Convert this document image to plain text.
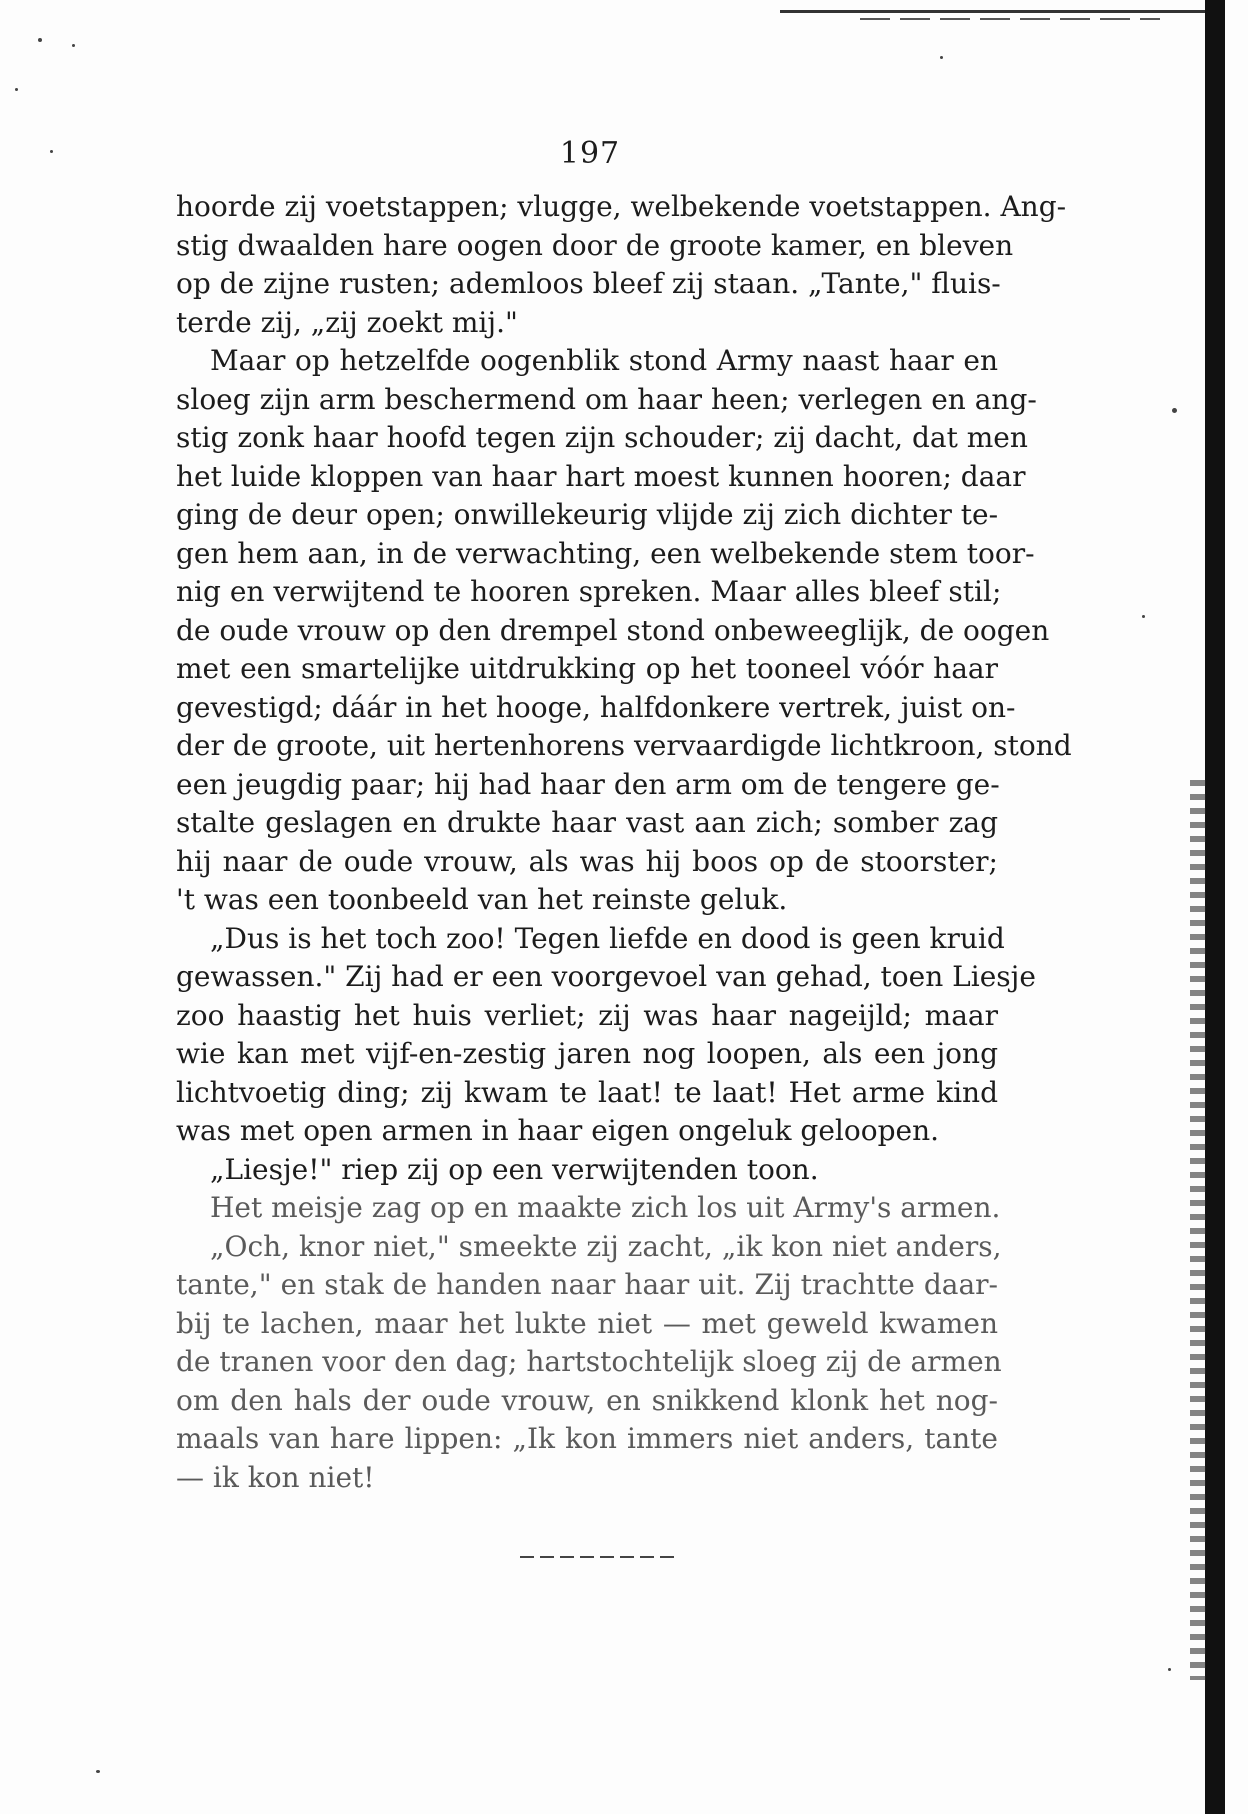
197
hoorde zij voetstappen; vlugge, welbekende voetstappen. Ang-
stig dwaalden hare oogen door de groote kamer, en bleven
op de zijne rusten; ademloos bleef zij staan. „Tante," fluis-
terde zij, „zij zoekt mij."
Maar op hetzelfde oogenblik stond Army naast haar en
sloeg zijn arm beschermend om haar heen; verlegen en ang-
stig zonk haar hoofd tegen zijn schouder; zij dacht, dat men
het luide kloppen van haar hart moest kunnen hooren; daar
ging de deur open; onwillekeurig vlijde zij zich dichter te-
gen hem aan, in de verwachting, een welbekende stem toor-
nig en verwijtend te hooren spreken. Maar alles bleef stil;
de oude vrouw op den drempel stond onbeweeglijk, de oogen
met een smartelijke uitdrukking op het tooneel vóór haar
gevestigd; dáár in het hooge, halfdonkere vertrek, juist on-
der de groote, uit hertenhorens vervaardigde lichtkroon, stond
een jeugdig paar; hij had haar den arm om de tengere ge-
stalte geslagen en drukte haar vast aan zich; somber zag
hij naar de oude vrouw, als was hij boos op de stoorster;
't was een toonbeeld van het reinste geluk.
„Dus is het toch zoo! Tegen liefde en dood is geen kruid
gewassen." Zij had er een voorgevoel van gehad, toen Liesje
zoo haastig het huis verliet; zij was haar nageijld; maar
wie kan met vijf-en-zestig jaren nog loopen, als een jong
lichtvoetig ding; zij kwam te laat! te laat! Het arme kind
was met open armen in haar eigen ongeluk geloopen.
„Liesje!" riep zij op een verwijtenden toon.
Het meisje zag op en maakte zich los uit Army's armen.
„Och, knor niet," smeekte zij zacht, „ik kon niet anders,
tante," en stak de handen naar haar uit. Zij trachtte daar-
bij te lachen, maar het lukte niet — met geweld kwamen
de tranen voor den dag; hartstochtelijk sloeg zij de armen
om den hals der oude vrouw, en snikkend klonk het nog-
maals van hare lippen: „Ik kon immers niet anders, tante
— ik kon niet!
